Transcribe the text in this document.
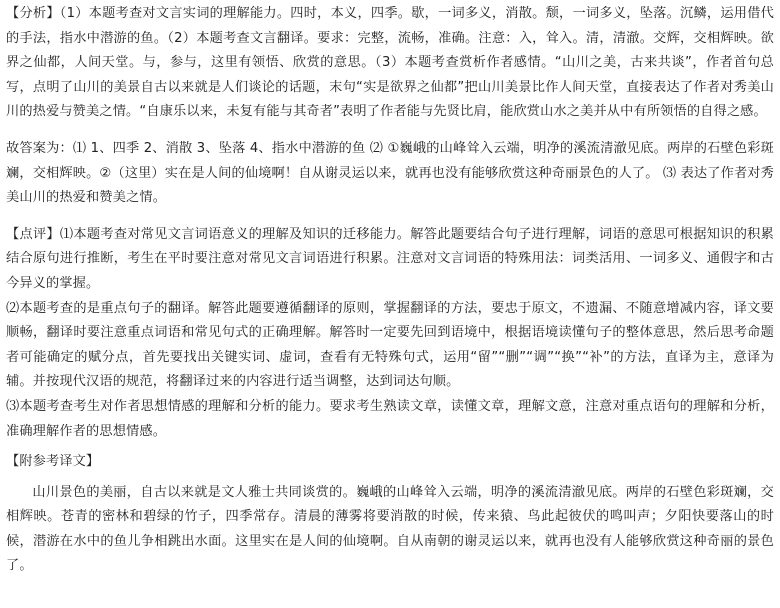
【分析】（1）本题考查对文言实词的理解能力。四时，本义，四季。歇，一词多义，消散。颓，一词多义，坠落。沉鳞，运用借代的手法，指水中潜游的鱼。（2）本题考查文言翻译。要求：完整，流畅，准确。注意：入，耸入。清，清澈。交辉，交相辉映。欲界之仙都，人间天堂。与，参与，这里有领悟、欣赏的意思。（3）本题考查赏析作者感情。“山川之美，古来共谈”，作者首句总写，点明了山川的美景自古以来就是人们谈论的话题，末句“实是欲界之仙都”把山川美景比作人间天堂，直接表达了作者对秀美山川的热爱与赞美之情。“自康乐以来，未复有能与其奇者”表明了作者能与先贤比肩，能欣赏山水之美并从中有所领悟的自得之感。

故答案为：⑴ 1、四季 2、消散 3、坠落 4、指水中潜游的鱼 ⑵ ①巍峨的山峰耸入云端，明净的溪流清澈见底。两岸的石壁色彩斑斓，交相辉映。②（这里）实在是人间的仙境啊！自从谢灵运以来，就再也没有能够欣赏这种奇丽景色的人了。 ⑶ 表达了作者对秀美山川的热爱和赞美之情。

【点评】⑴本题考查对常见文言词语意义的理解及知识的迁移能力。解答此题要结合句子进行理解，词语的意思可根据知识的积累结合原句进行推断，考生在平时要注意对常见文言词语进行积累。注意对文言词语的特殊用法：词类活用、一词多义、通假字和古今异义的掌握。

⑵本题考查的是重点句子的翻译。解答此题要遵循翻译的原则，掌握翻译的方法，要忠于原文，不遗漏、不随意增减内容，译文要顺畅，翻译时要注意重点词语和常见句式的正确理解。解答时一定要先回到语境中，根据语境读懂句子的整体意思，然后思考命题者可能确定的赋分点，首先要找出关键实词、虚词，查看有无特殊句式，运用“留”“删”“调”“换”“补”的方法，直译为主，意译为辅。并按现代汉语的规范，将翻译过来的内容进行适当调整，达到词达句顺。

⑶本题考查考生对作者思想情感的理解和分析的能力。要求考生熟读文章，读懂文章，理解文意，注意对重点语句的理解和分析，准确理解作者的思想情感。

【附参考译文】

山川景色的美丽，自古以来就是文人雅士共同谈赏的。巍峨的山峰耸入云端，明净的溪流清澈见底。两岸的石壁色彩斑斓，交相辉映。苍青的密林和碧绿的竹子，四季常存。清晨的薄雾将要消散的时候，传来猿、鸟此起彼伏的鸣叫声；夕阳快要落山的时候，潜游在水中的鱼儿争相跳出水面。这里实在是人间的仙境啊。自从南朝的谢灵运以来，就再也没有人能够欣赏这种奇丽的景色了。
